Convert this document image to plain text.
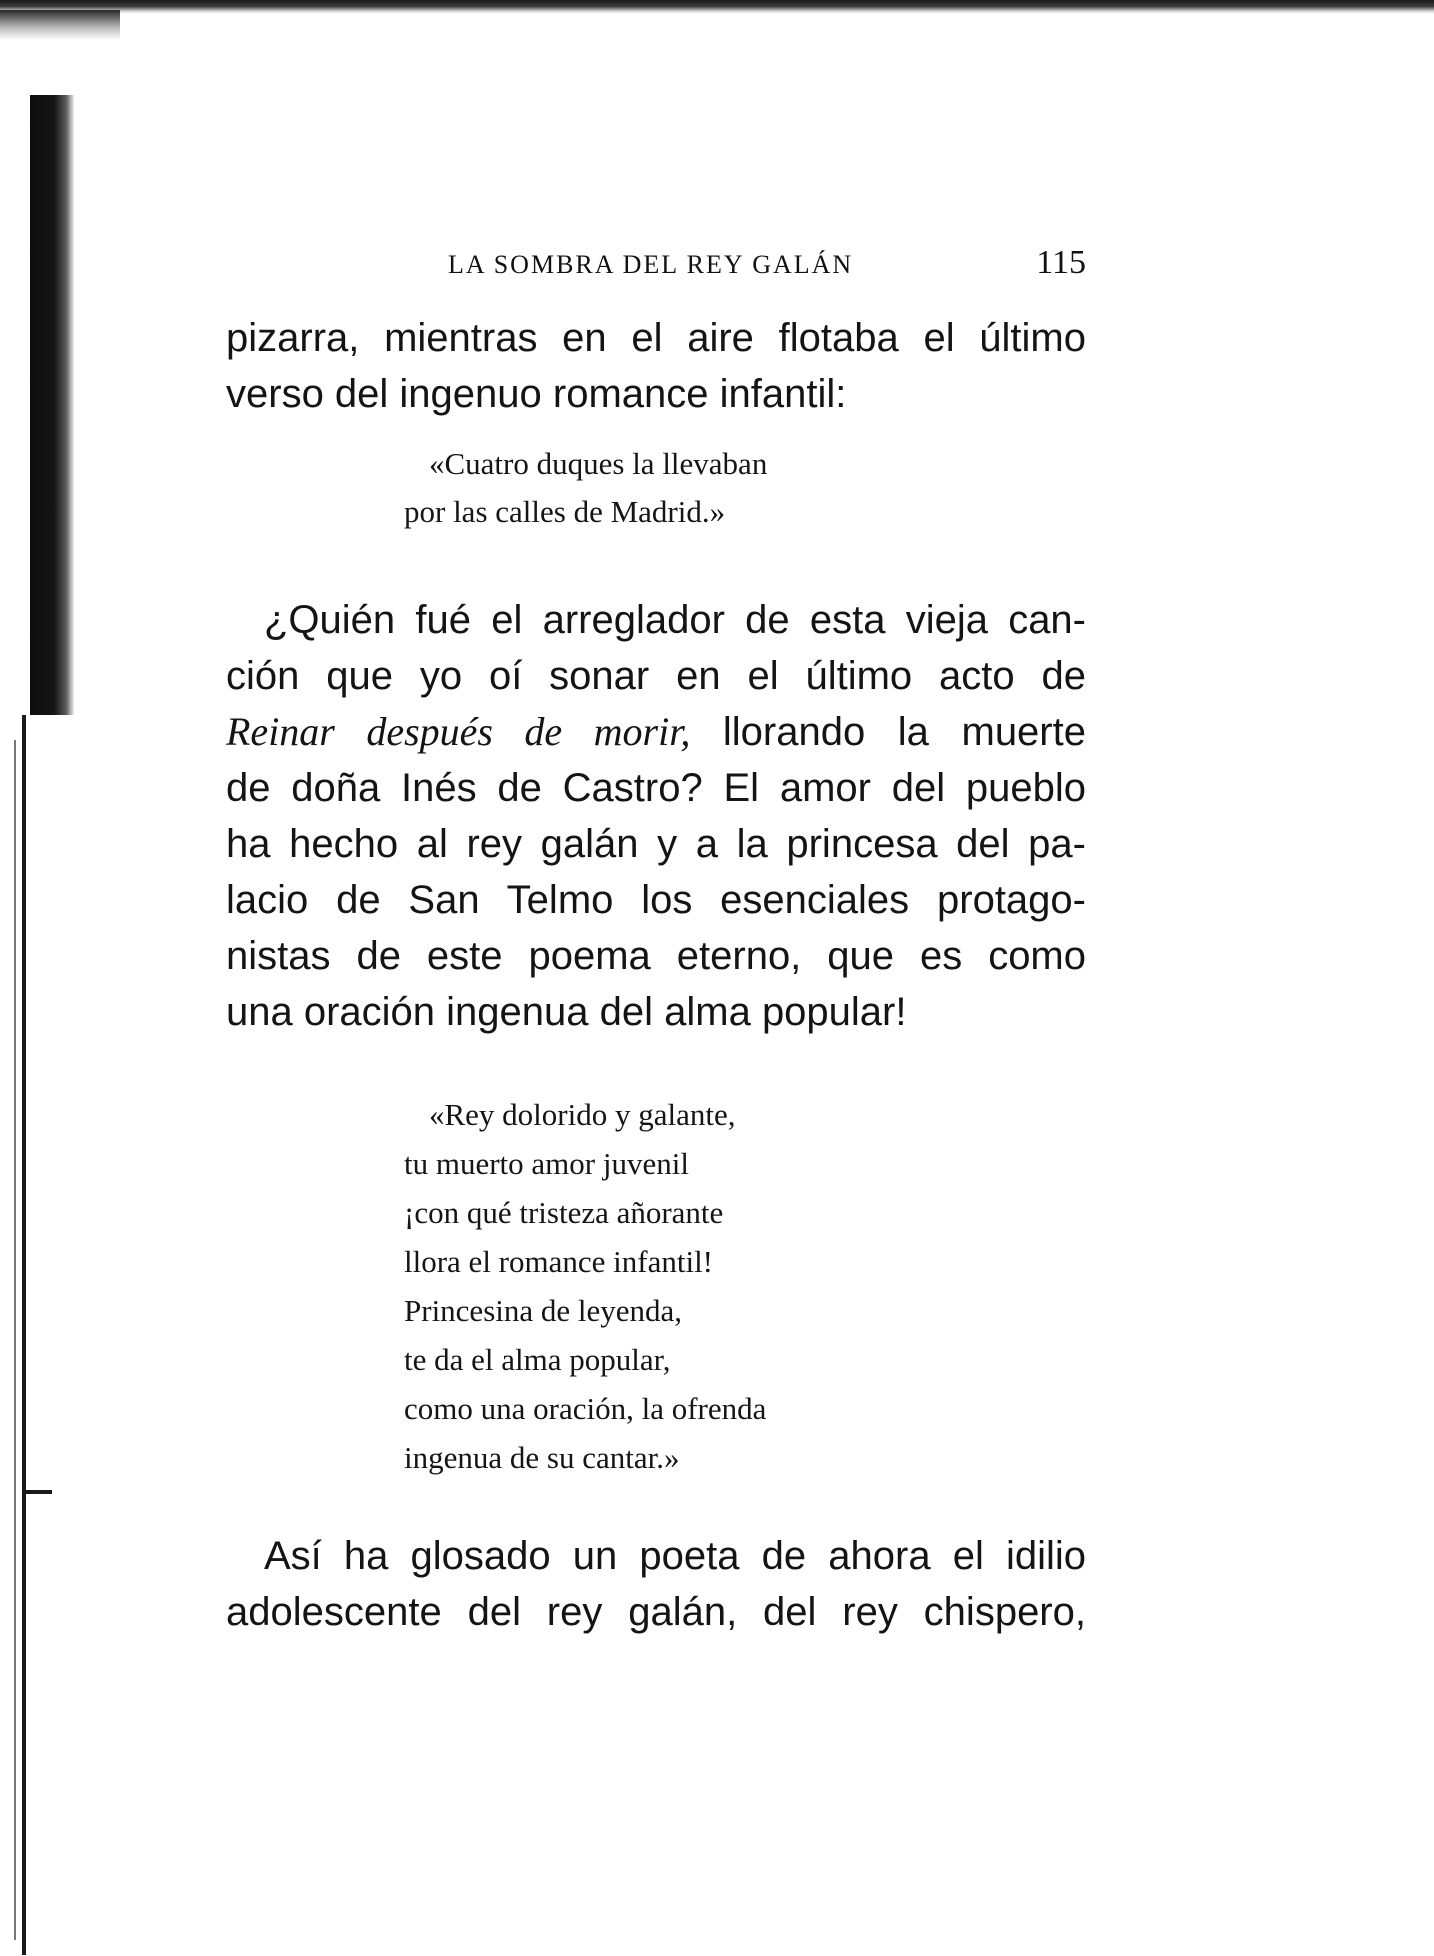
LA SOMBRA DEL REY GALÁN	115
pizarra, mientras en el aire flotaba el último
verso del ingenuo romance infantil:
«Cuatro duques la llevaban
por las calles de Madrid.»
¿Quién fué el arreglador de esta vieja can-
ción que yo oí sonar en el último acto de
Reinar después de morir, llorando la muerte
de doña Inés de Castro? El amor del pueblo
ha hecho al rey galán y a la princesa del pa-
lacio de San Telmo los esenciales protago-
nistas de este poema eterno, que es como
una oración ingenua del alma popular!
«Rey dolorido y galante,
tu muerto amor juvenil
¡con qué tristeza añorante
llora el romance infantil!
Princesina de leyenda,
te da el alma popular,
como una oración, la ofrenda
ingenua de su cantar.»
Así ha glosado un poeta de ahora el idilio
adolescente del rey galán, del rey chispero,
